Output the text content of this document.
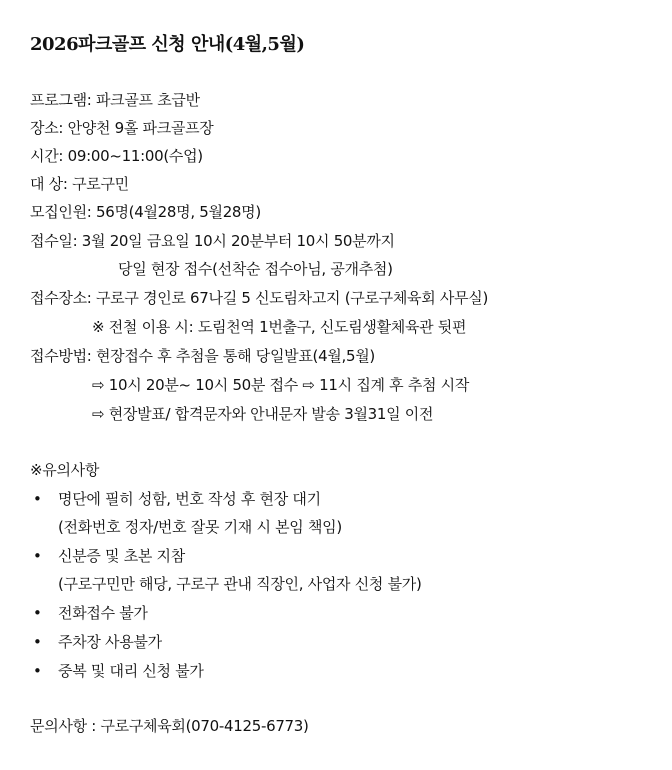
2026파크골프 신청 안내(4월,5월)
프로그램: 파크골프 초급반
장소: 안양천 9홀 파크골프장
시간: 09:00~11:00(수업)
대 상: 구로구민
모집인원: 56명(4월28명, 5월28명)
접수일: 3월 20일 금요일 10시 20분부터 10시 50분까지
당일 현장 접수(선착순 접수아님, 공개추첨)
접수장소: 구로구 경인로 67나길 5 신도림차고지 (구로구체육회 사무실)
※ 전철 이용 시: 도림천역 1번출구, 신도림생활체육관 뒷편
접수방법: 현장접수 후 추첨을 통해 당일발표(4월,5월)
⇨ 10시 20분~ 10시 50분 접수 ⇨ 11시 집계 후 추첨 시작
⇨ 현장발표/ 합격문자와 안내문자 발송 3월31일 이전
※유의사항
• 명단에 필히 성함, 번호 작성 후 현장 대기
(전화번호 정자/번호 잘못 기재 시 본임 책임)
• 신분증 및 초본 지참
(구로구민만 해당, 구로구 관내 직장인, 사업자 신청 불가)
• 전화접수 불가
• 주차장 사용불가
• 중복 및 대리 신청 불가
문의사항 : 구로구체육회(070-4125-6773)
